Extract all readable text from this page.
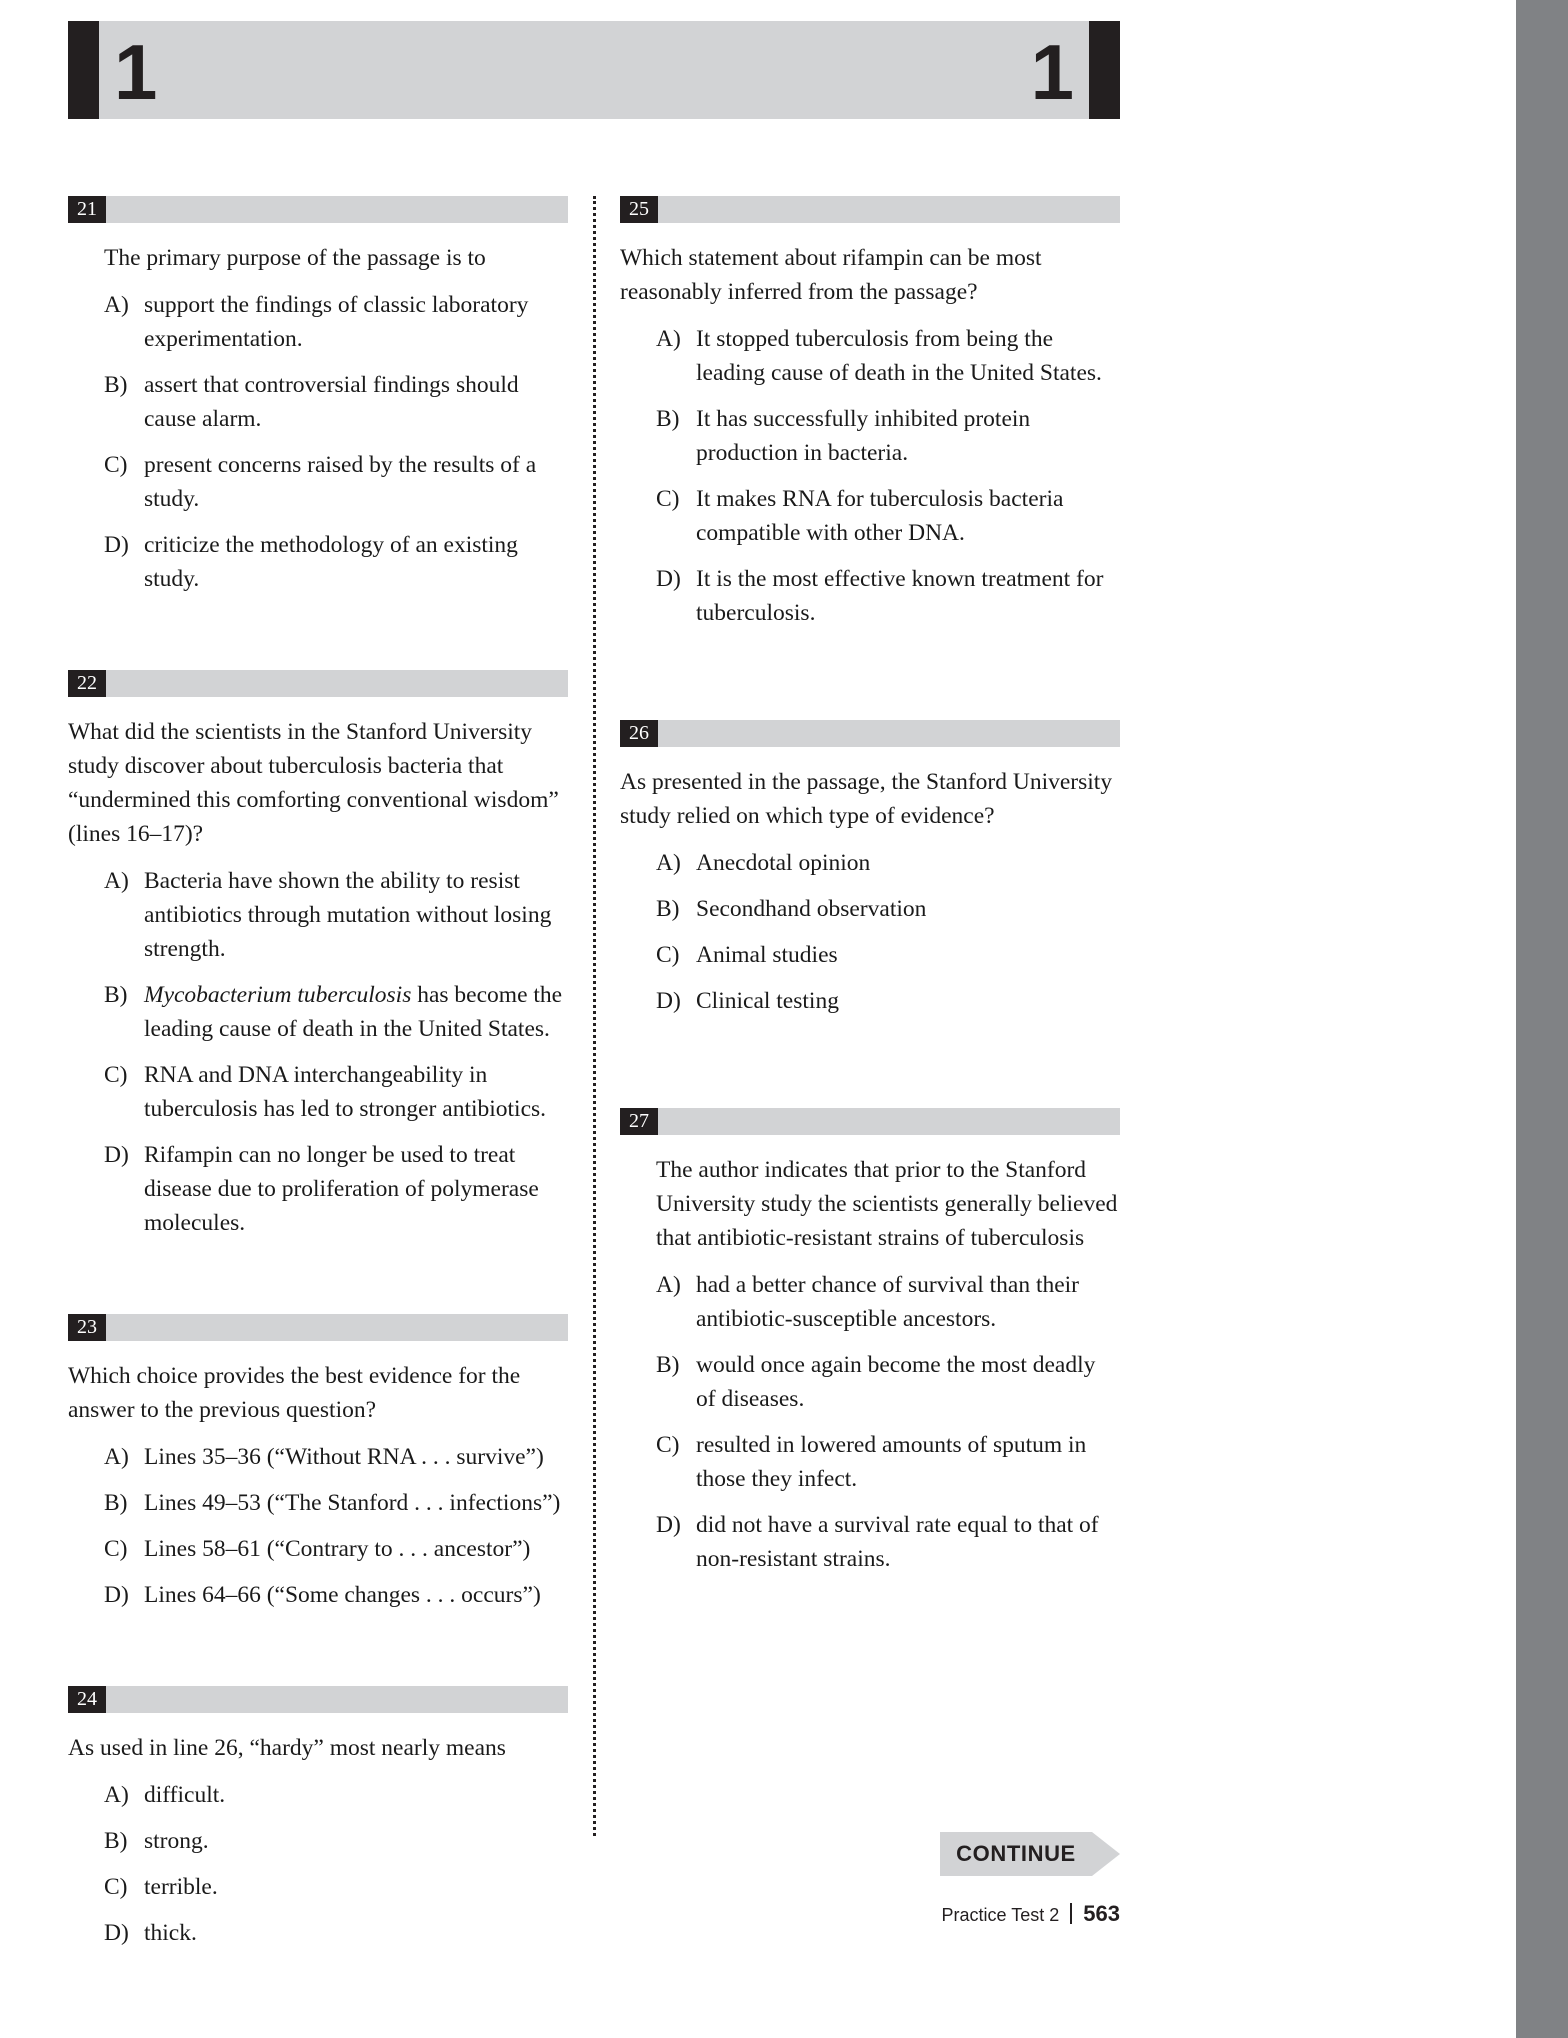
1	1
21
The primary purpose of the passage is to
A) support the findings of classic laboratory experimentation.
B) assert that controversial findings should cause alarm.
C) present concerns raised by the results of a study.
D) criticize the methodology of an existing study.
22
What did the scientists in the Stanford University study discover about tuberculosis bacteria that “undermined this comforting conventional wisdom” (lines 16–17)?
A) Bacteria have shown the ability to resist antibiotics through mutation without losing strength.
B) Mycobacterium tuberculosis has become the leading cause of death in the United States.
C) RNA and DNA interchangeability in tuberculosis has led to stronger antibiotics.
D) Rifampin can no longer be used to treat disease due to proliferation of polymerase molecules.
23
Which choice provides the best evidence for the answer to the previous question?
A) Lines 35–36 (“Without RNA . . . survive”)
B) Lines 49–53 (“The Stanford . . . infections”)
C) Lines 58–61 (“Contrary to . . . ancestor”)
D) Lines 64–66 (“Some changes . . . occurs”)
24
As used in line 26, “hardy” most nearly means
A) difficult.
B) strong.
C) terrible.
D) thick.
25
Which statement about rifampin can be most reasonably inferred from the passage?
A) It stopped tuberculosis from being the leading cause of death in the United States.
B) It has successfully inhibited protein production in bacteria.
C) It makes RNA for tuberculosis bacteria compatible with other DNA.
D) It is the most effective known treatment for tuberculosis.
26
As presented in the passage, the Stanford University study relied on which type of evidence?
A) Anecdotal opinion
B) Secondhand observation
C) Animal studies
D) Clinical testing
27
The author indicates that prior to the Stanford University study the scientists generally believed that antibiotic-resistant strains of tuberculosis
A) had a better chance of survival than their antibiotic-susceptible ancestors.
B) would once again become the most deadly of diseases.
C) resulted in lowered amounts of sputum in those they infect.
D) did not have a survival rate equal to that of non-resistant strains.
CONTINUE
Practice Test 2 563
